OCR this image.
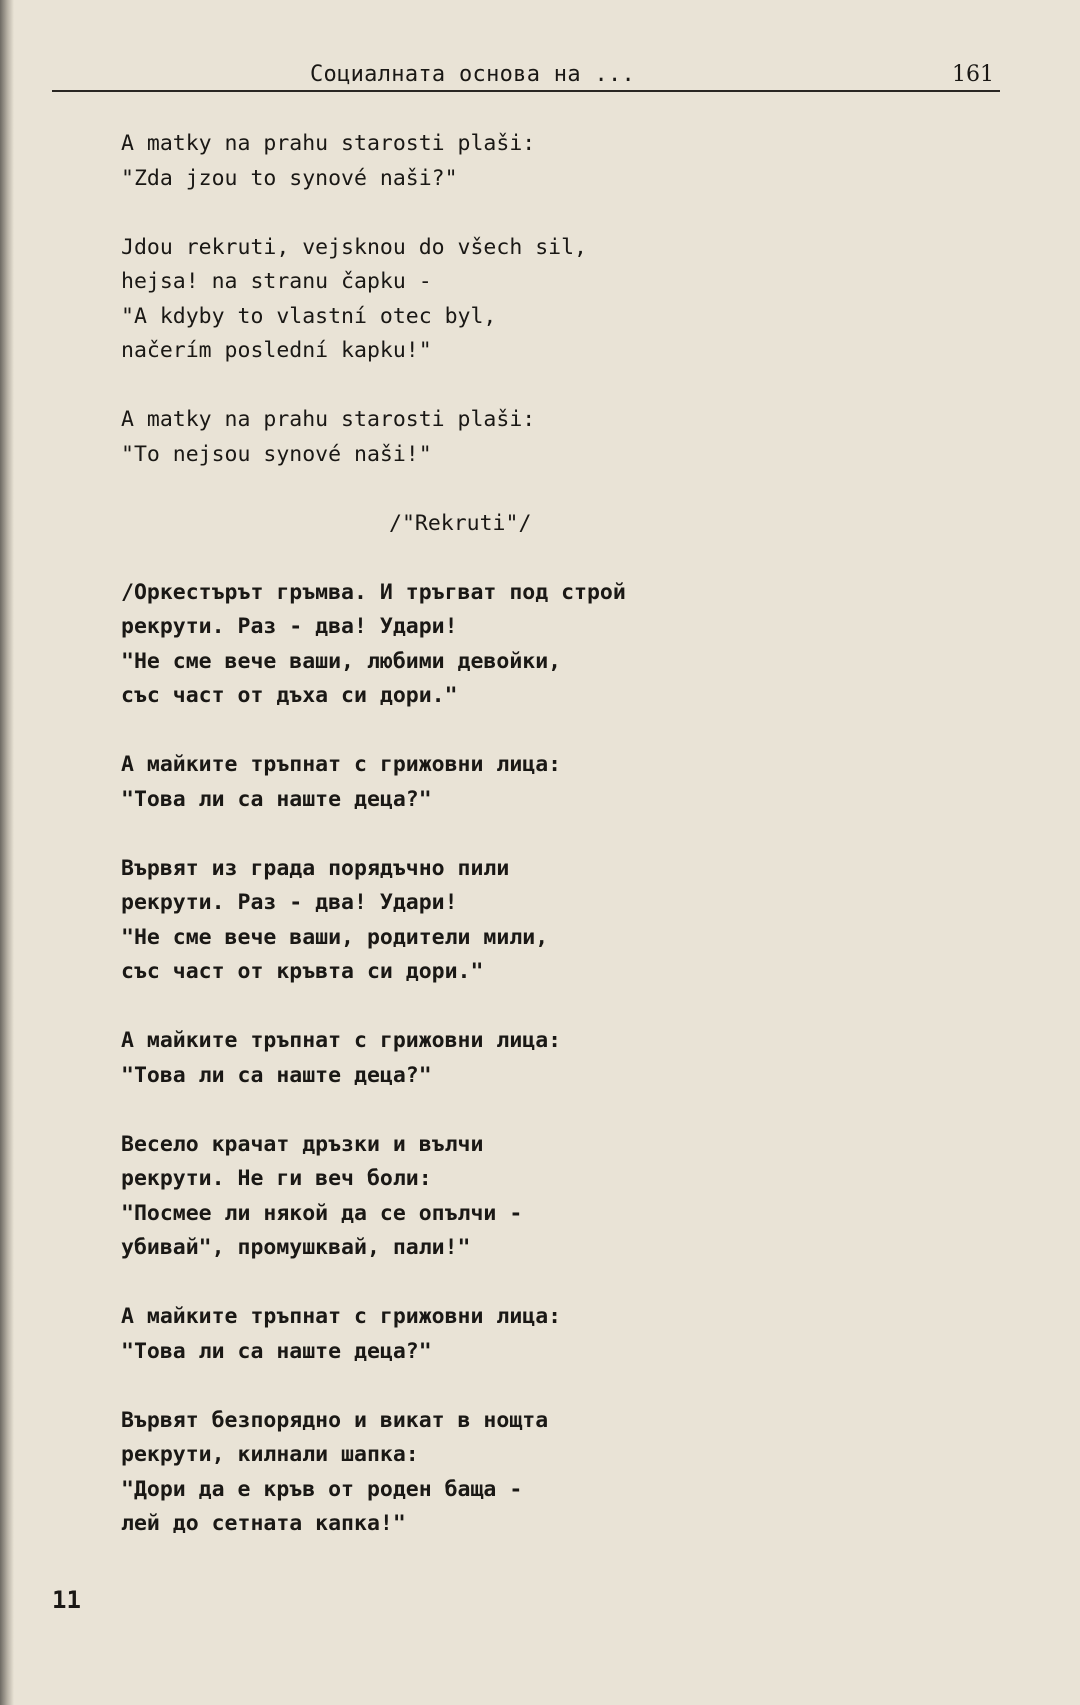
Социалната основа на ...	161
A matky na prahu starosti plaši:
"Zda jzou to synové naši?"
Jdou rekruti, vejsknou do všech sil,
hejsa! na stranu čapku -
"A kdyby to vlastní otec byl,
načerím poslední kapku!"
A matky na prahu starosti plaši:
"To nejsou synové naši!"
/"Rekruti"/
/Оркестърът гръмва. И тръгват под строй
рекрути. Раз - два! Удари!
"Не сме вече ваши, любими девойки,
със част от дъха си дори."
А майките тръпнат с грижовни лица:
"Това ли са наште деца?"
Вървят из града порядъчно пили
рекрути. Раз - два! Удари!
"Не сме вече ваши, родители мили,
със част от кръвта си дори."
А майките тръпнат с грижовни лица:
"Това ли са наште деца?"
Весело крачат дръзки и вълчи
рекрути. Не ги веч боли:
"Посмее ли някой да се опълчи -
убивай", промушквай, пали!"
А майките тръпнат с грижовни лица:
"Това ли са наште деца?"
Вървят безпорядно и викат в нощта
рекрути, килнали шапка:
"Дори да е кръв от роден баща -
лей до сетната капка!"
11
